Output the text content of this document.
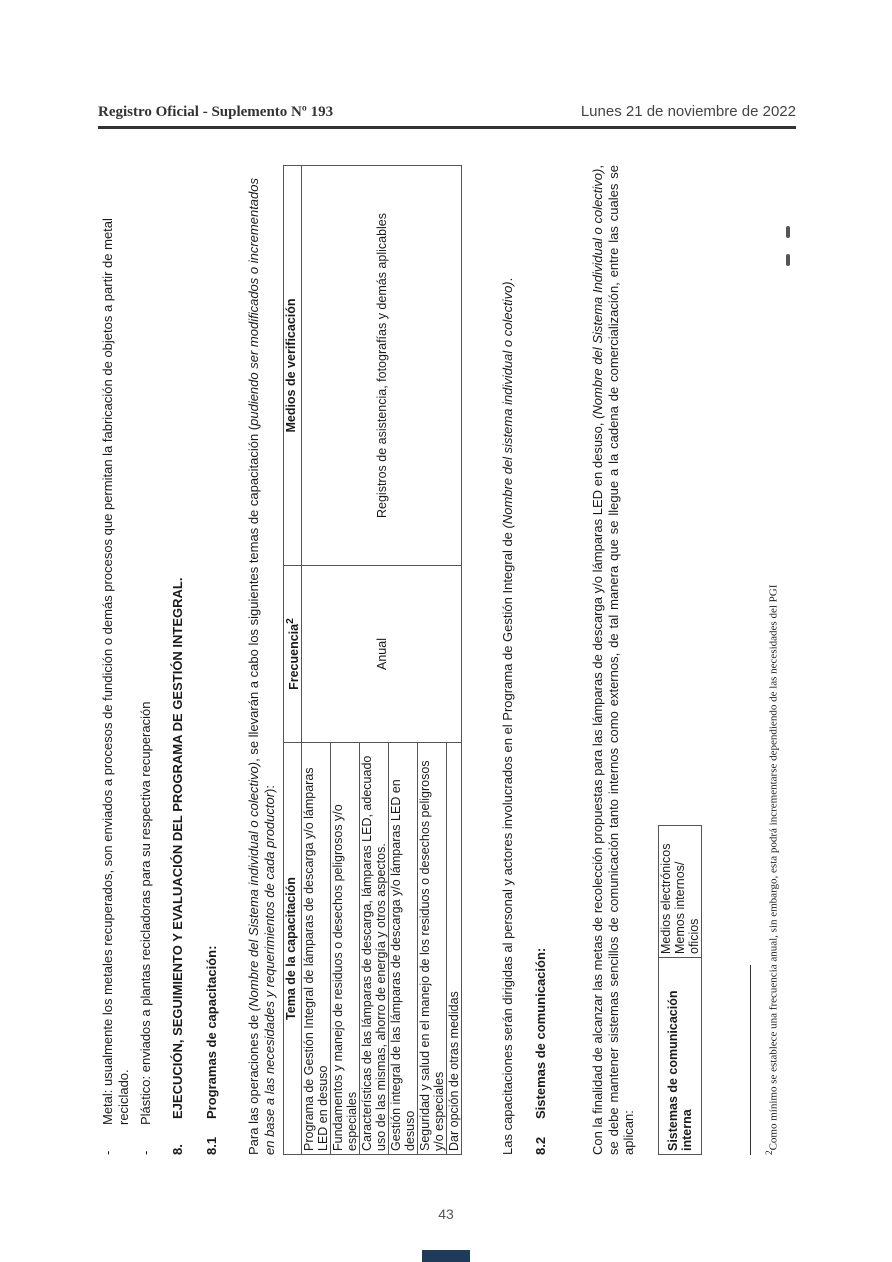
Registro Oficial - Suplemento Nº 193	Lunes 21 de noviembre de 2022
-
Metal: usualmente los metales recuperados, son enviados a procesos de fundición o demás procesos que permitan la fabricación de objetos a partir de metal reciclado.
-
Plástico: enviados a plantas recicladoras para su respectiva recuperación

8.EJECUCIÓN, SEGUIMIENTO Y EVALUACIÓN DEL PROGRAMA DE GESTIÓN INTEGRAL.

8.1Programas de capacitación: Para las operaciones de (Nombre del Sistema individual o colectivo), se llevarán a cabo los siguientes temas de capacitación (pudiendo ser modificados o incrementados en base a las necesidades y requerimientos de cada productor):

Tema de la capacitación	Frecuencia$^2$	Medios de verificación
Programa de Gestión Integral de lámparas de descarga y/o lámparas LED en desuso	Anual	Registros de asistencia, fotografías y demás aplicables
Fundamentos y manejo de residuos o desechos peligrosos y/o especiales		
Características de las lámparas de descarga, lámparas LED, adecuado uso de las mismas, ahorro de energía y otros aspectos.		
Gestión integral de las lámparas de descarga y/o lámparas LED en desuso		
Seguridad y salud en el manejo de los residuos o desechos peligrosos y/o especiales		
Dar opción de otras medidas			Las capacitaciones serán dirigidas al personal y actores involucrados en el Programa de Gestión Integral de (Nombre del sistema individual o colectivo).

8.2Sistemas de comunicación:	Con la finalidad de alcanzar las metas de recolección propuestas para las lámparas de descarga y/o lámparas LED en desuso, (Nombre del Sistema Individual o colectivo), se debe mantener sistemas sencillos de comunicación tanto internos como externos, de tal manera que se llegue a la cadena de comercialización, entre las cuales se aplican: Sistemas de comunicación interna	
Medios electrónicos Memos internos/ oficios
$^2$Como mínimo se establece una frecuencia anual, sin embargo, esta podrá incrementarse dependiendo de las necesidades del PGI
43
